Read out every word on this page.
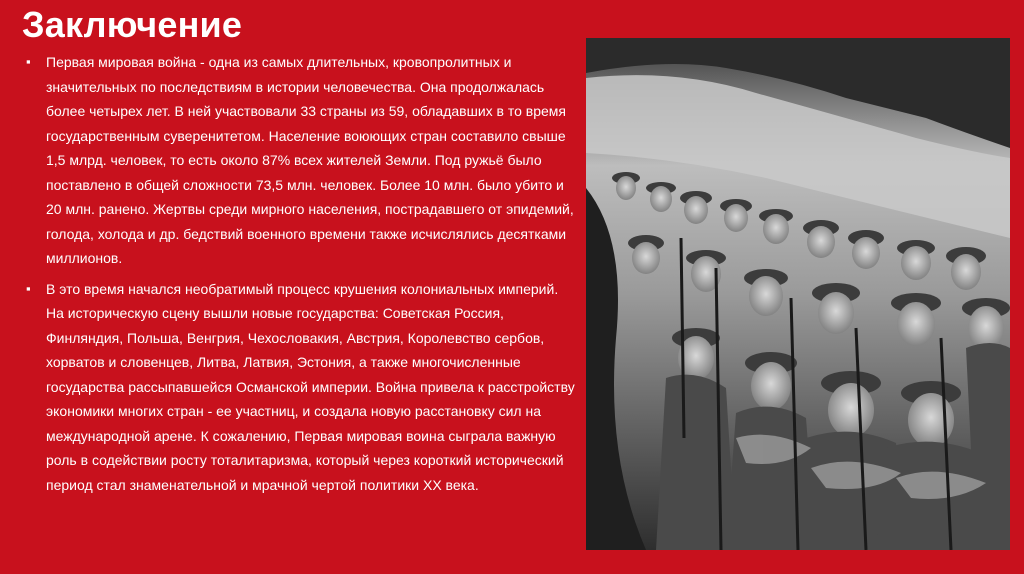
Заключение
▪ Первая мировая война - одна из самых длительных, кровопролитных и значительных по последствиям в истории человечества. Она продолжалась более четырех лет. В ней участвовали 33 страны из 59, обладавших в то время государственным суверенитетом. Население воюющих стран составило свыше 1,5 млрд. человек, то есть около 87% всех жителей Земли. Под ружьё было поставлено в общей сложности 73,5 млн. человек. Более 10 млн. было убито и 20 млн. ранено. Жертвы среди мирного населения, пострадавшего от эпидемий, голода, холода и др. бедствий военного времени также исчислялись десятками миллионов.
▪ В это время начался необратимый процесс крушения колониальных империй. На историческую сцену вышли новые государства: Советская Россия, Финляндия, Польша, Венгрия, Чехословакия, Австрия, Королевство сербов, хорватов и словенцев, Литва, Латвия, Эстония, а также многочисленные государства рассыпавшейся Османской империи. Война привела к расстройству экономики многих стран - ее участниц, и создала новую расстановку сил на международной арене. К сожалению, Первая мировая воина сыграла важную роль в содействии росту тоталитаризма, который через короткий исторический период стал знаменательной и мрачной чертой политики XX века.
